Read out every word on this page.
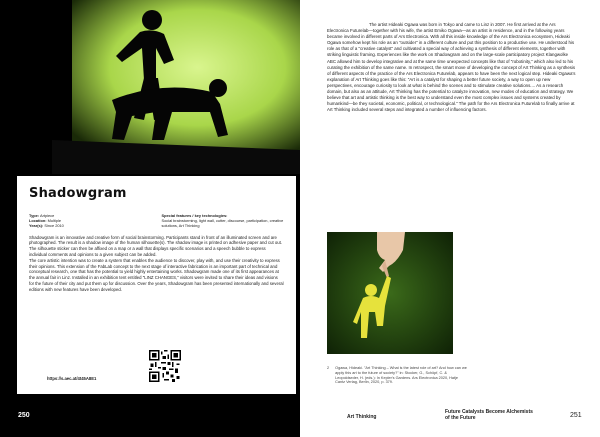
Shadowgram
Type: Artpiece
Location: Multiple
Year(s): Since 2010
Special features / key technologies:
Social brainstorming, light wall, cutter, discourse, participation, creative solutions, Art Thinking

Shadowgram is an innovative and creative form of social brainstorming. Participants stand in front of an illuminated screen and are photographed. The result is a shadow image of the human silhouette(s). The shadow image is printed on adhesive paper and cut out. The silhouette sticker can then be affixed on a map or a wall that displays specific scenarios and a speech bubble to express individual comments and opinions to a given subject can be added.

The core artistic intention was to create a system that enables the audience to discover, play with, and use their creativity to express their opinions. This extension of the FabLab concept to the next stage of interactive fabrication is an important part of technical and conceptual research, one that has the potential to yield highly entertaining works. Shadowgram made one of its first appearances at the annual fair in Linz. Installed in an exhibition tent entitled "LINZ CHANGES," visitors were invited to share their ideas and visions for the future of their city and put them up for discussion. Over the years, Shadowgram has been presented internationally and several editions with new features have been developed.

https://s.aec.at/4t45A8E1
250

The artist Hideaki Ogawa was born in Tokyo and came to Linz in 2007. He first arrived at the Ars Electronica Futurelab—together with his wife, the artist Emiko Ogawa—as an artist in residence, and in the following years became involved in different parts of Ars Electronica. With all this inside knowledge of the Ars Electronica ecosystem, Hideaki Ogawa somehow kept his role as an "outsider" in a different culture and put this position to a productive use. He understood his role as that of a "creative catalyst" and cultivated a special way of achieving a synthesis of different elements, together with striking linguistic framing. Experiences like the work on Shadowgram and on the large-scale participatory project Klangwolke ABC allowed him to develop integrative and at the same time unexpected concepts like that of "robotinity," which also led to his curating the exhibition of the same name. In retrospect, the smart move of developing the concept of Art Thinking as a synthesis of different aspects of the practice of the Ars Electronica Futurelab, appears to have been the next logical step. Hideaki Ogawa's explanation of Art Thinking goes like this: "Art is a catalyst for shaping a better future society, a way to open up new perspectives, encourage curiosity to look at what is behind the scenes and to stimulate creative solutions.... As a research domain, but also as an attitude, Art Thinking has the potential to catalyze innovation, new modes of education and strategy. We believe that art and artistic thinking is the best way to understand even the most complex issues and systems created by humankind—be they societal, economic, political, or technological." The path for the Ars Electronica Futurelab to finally arrive at Art Thinking included several steps and integrated a number of influencing factors.

2 Ogawa, Hideaki. "Art Thinking – What is the latest role of art? And how can we apply this art to the future of society?" in: Stocker, G., Schöpf, C. & Leopoldseder, H. (eds.): In Kepler's Gardens. Ars Electronica 2020, Hatje Cantz Verlag, Berlin, 2020, p. 379.
Art Thinking
Future Catalysts Become Alchemists of the Future	251
